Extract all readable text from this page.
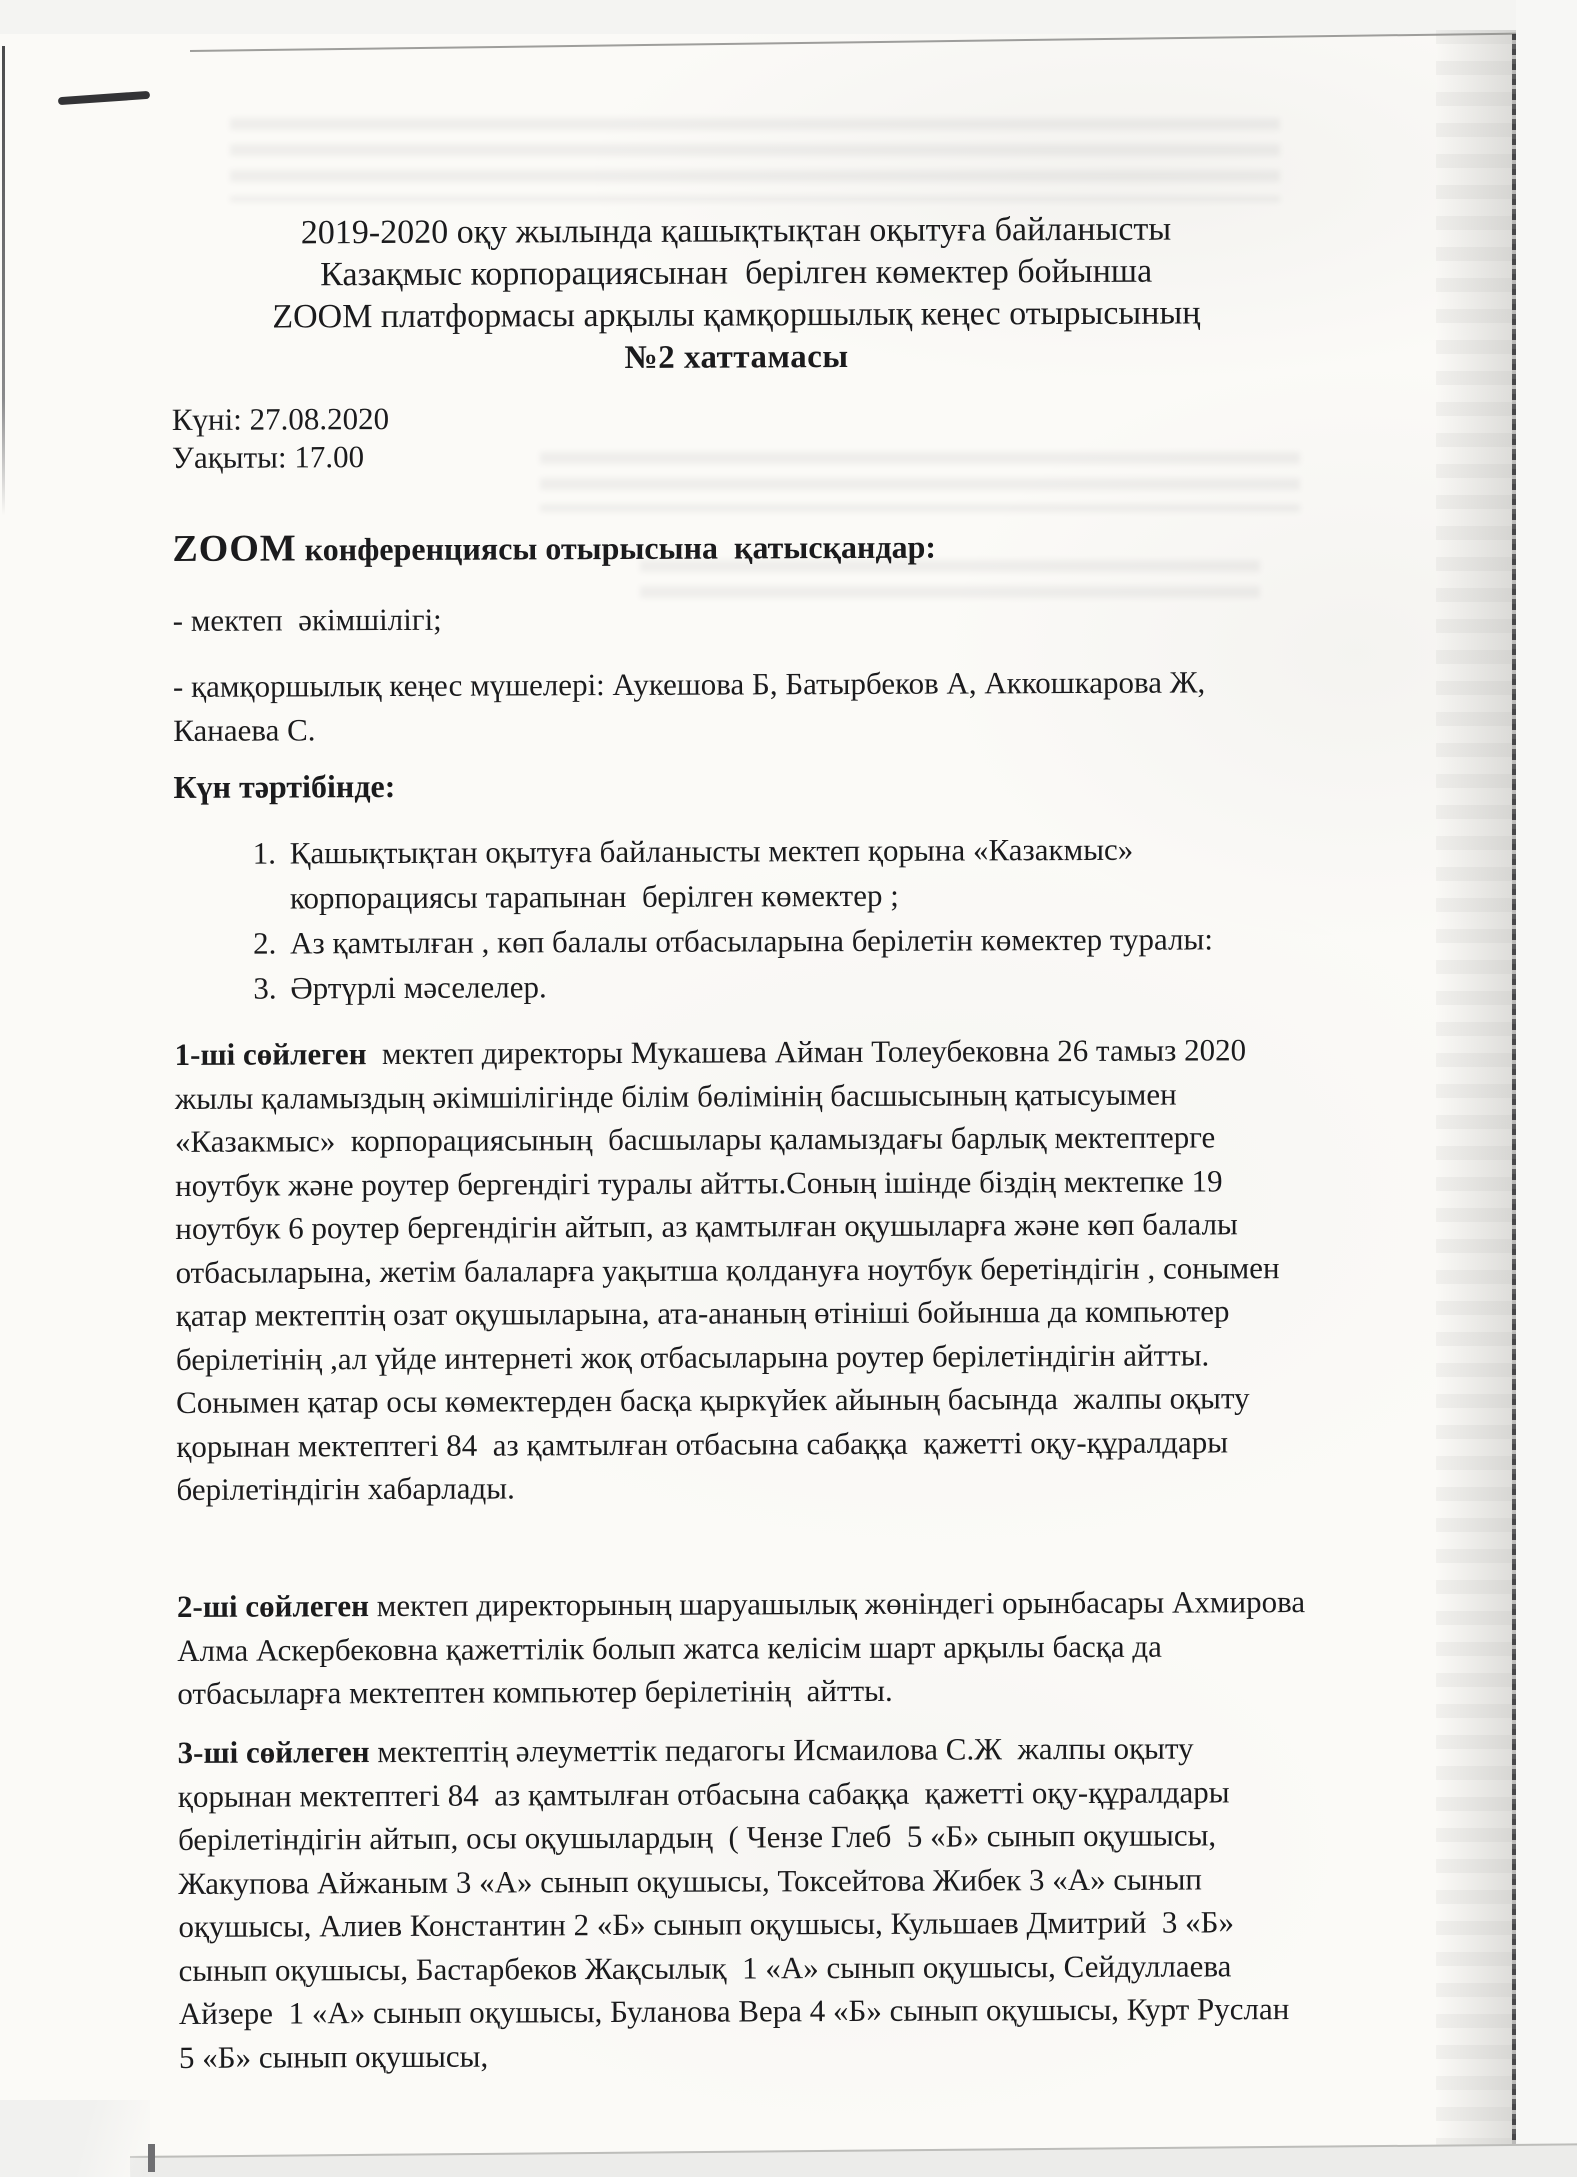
2019-2020 оқу жылында қашықтықтан оқытуға байланысты
Казақмыс корпорациясынан  берілген көмектер бойынша
ZOOM платформасы арқылы қамқоршылық кеңес отырысының
№2 хаттамасы
Күні: 27.08.2020
Уақыты: 17.00
ZOOM конференциясы отырысына  қатысқандар:
- мектеп  әкімшілігі;
- қамқоршылық кеңес мүшелері: Аукешова Б, Батырбеков А, Аккошкарова Ж, Канаева С.
Күн тәртібінде:
1. Қашықтықтан оқытуға байланысты мектеп қорына «Казакмыс» корпорациясы тарапынан  берілген көмектер ;
2. Аз қамтылған , көп балалы отбасыларына берілетін көмектер туралы:
3. Әртүрлі мәселелер.
1-ші сөйлеген  мектеп директоры Мукашева Айман Толеубековна 26 тамыз 2020 жылы қаламыздың әкімшілігінде білім бөлімінің басшысының қатысуымен «Казакмыс»  корпорациясының  басшылары қаламыздағы барлық мектептерге ноутбук және роутер бергендігі туралы айтты.Соның ішінде біздің мектепке 19 ноутбук 6 роутер бергендігін айтып, аз қамтылған оқушыларға және көп балалы отбасыларына, жетім балаларға уақытша қолдануға ноутбук беретіндігін , сонымен қатар мектептің озат оқушыларына, ата-ананың өтініші бойынша да компьютер берілетінің ,ал үйде интернеті жоқ отбасыларына роутер берілетіндігін айтты. Сонымен қатар осы көмектерден басқа қыркүйек айының басында  жалпы оқыту қорынан мектептегі 84  аз қамтылған отбасына сабаққа  қажетті оқу-құралдары берілетіндігін хабарлады.
2-ші сөйлеген мектеп директорының шаруашылық жөніндегі орынбасары Ахмирова Алма Аскербековна қажеттілік болып жатса келісім шарт арқылы басқа да отбасыларға мектептен компьютер берілетінің  айтты.
3-ші сөйлеген мектептің әлеуметтік педагогы Исмаилова С.Ж  жалпы оқыту қорынан мектептегі 84  аз қамтылған отбасына сабаққа  қажетті оқу-құралдары берілетіндігін айтып, осы оқушылардың  ( Чензе Глеб  5 «Б» сынып оқушысы, Жакупова Айжаным 3 «А» сынып оқушысы, Токсейтова Жибек 3 «А» сынып оқушысы, Алиев Константин 2 «Б» сынып оқушысы, Кульшаев Дмитрий  3 «Б» сынып оқушысы, Бастарбеков Жақсылық  1 «А» сынып оқушысы, Сейдуллаева Айзере  1 «А» сынып оқушысы, Буланова Вера 4 «Б» сынып оқушысы, Курт Руслан 5 «Б» сынып оқушысы,
